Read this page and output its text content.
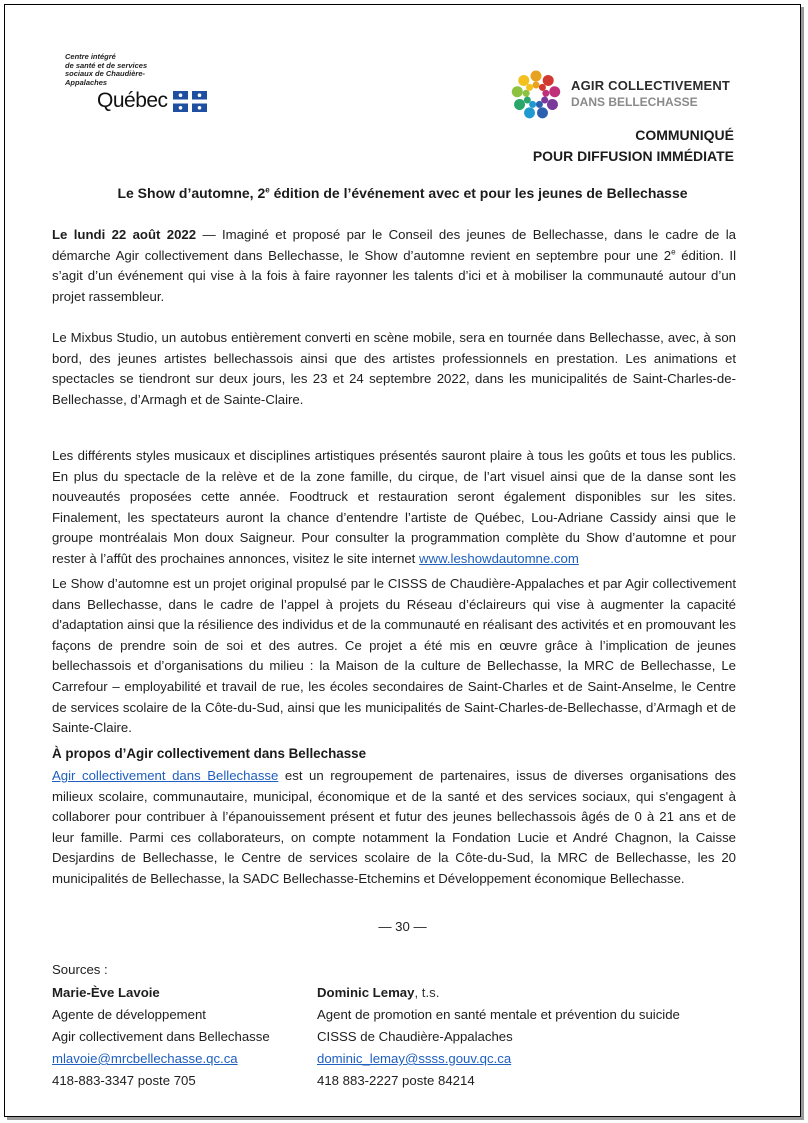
Centre intégré
de santé et de services
sociaux de Chaudière-
Appalaches
Québec
AGIR COLLECTIVEMENT
DANS BELLECHASSE
COMMUNIQUÉ
POUR DIFFUSION IMMÉDIATE
Le Show d’automne, 2e édition de l’événement avec et pour les jeunes de Bellechasse
Le lundi 22 août 2022 — Imaginé et proposé par le Conseil des jeunes de Bellechasse, dans le cadre de la démarche Agir collectivement dans Bellechasse, le Show d’automne revient en septembre pour une 2e édition. Il s’agit d’un événement qui vise à la fois à faire rayonner les talents d’ici et à mobiliser la communauté autour d’un projet rassembleur.
Le Mixbus Studio, un autobus entièrement converti en scène mobile, sera en tournée dans Bellechasse, avec, à son bord, des jeunes artistes bellechassois ainsi que des artistes professionnels en prestation. Les animations et spectacles se tiendront sur deux jours, les 23 et 24 septembre 2022, dans les municipalités de Saint-Charles-de-Bellechasse, d’Armagh et de Sainte-Claire.
Les différents styles musicaux et disciplines artistiques présentés sauront plaire à tous les goûts et tous les publics. En plus du spectacle de la relève et de la zone famille, du cirque, de l’art visuel ainsi que de la danse sont les nouveautés proposées cette année. Foodtruck et restauration seront également disponibles sur les sites. Finalement, les spectateurs auront la chance d’entendre l’artiste de Québec, Lou-Adriane Cassidy ainsi que le groupe montréalais Mon doux Saigneur. Pour consulter la programmation complète du Show d’automne et pour rester à l’affût des prochaines annonces, visitez le site internet www.leshowdautomne.com
Le Show d’automne est un projet original propulsé par le CISSS de Chaudière-Appalaches et par Agir collectivement dans Bellechasse, dans le cadre de l’appel à projets du Réseau d’éclaireurs qui vise à augmenter la capacité d'adaptation ainsi que la résilience des individus et de la communauté en réalisant des activités et en promouvant les façons de prendre soin de soi et des autres. Ce projet a été mis en œuvre grâce à l’implication de jeunes bellechassois et d’organisations du milieu : la Maison de la culture de Bellechasse, la MRC de Bellechasse, Le Carrefour – employabilité et travail de rue, les écoles secondaires de Saint-Charles et de Saint-Anselme, le Centre de services scolaire de la Côte-du-Sud, ainsi que les municipalités de Saint-Charles-de-Bellechasse, d’Armagh et de Sainte-Claire.
À propos d’Agir collectivement dans Bellechasse
Agir collectivement dans Bellechasse est un regroupement de partenaires, issus de diverses organisations des milieux scolaire, communautaire, municipal, économique et de la santé et des services sociaux, qui s'engagent à collaborer pour contribuer à l’épanouissement présent et futur des jeunes bellechassois âgés de 0 à 21 ans et de leur famille. Parmi ces collaborateurs, on compte notamment la Fondation Lucie et André Chagnon, la Caisse Desjardins de Bellechasse, le Centre de services scolaire de la Côte-du-Sud, la MRC de Bellechasse, les 20 municipalités de Bellechasse, la SADC Bellechasse-Etchemins et Développement économique Bellechasse.
— 30 —
Sources :
Marie-Ève Lavoie
Agente de développement
Agir collectivement dans Bellechasse
mlavoie@mrcbellechasse.qc.ca
418-883-3347 poste 705
Dominic Lemay, t.s.
Agent de promotion en santé mentale et prévention du suicide
CISSS de Chaudière-Appalaches
dominic_lemay@ssss.gouv.qc.ca
418 883-2227 poste 84214
